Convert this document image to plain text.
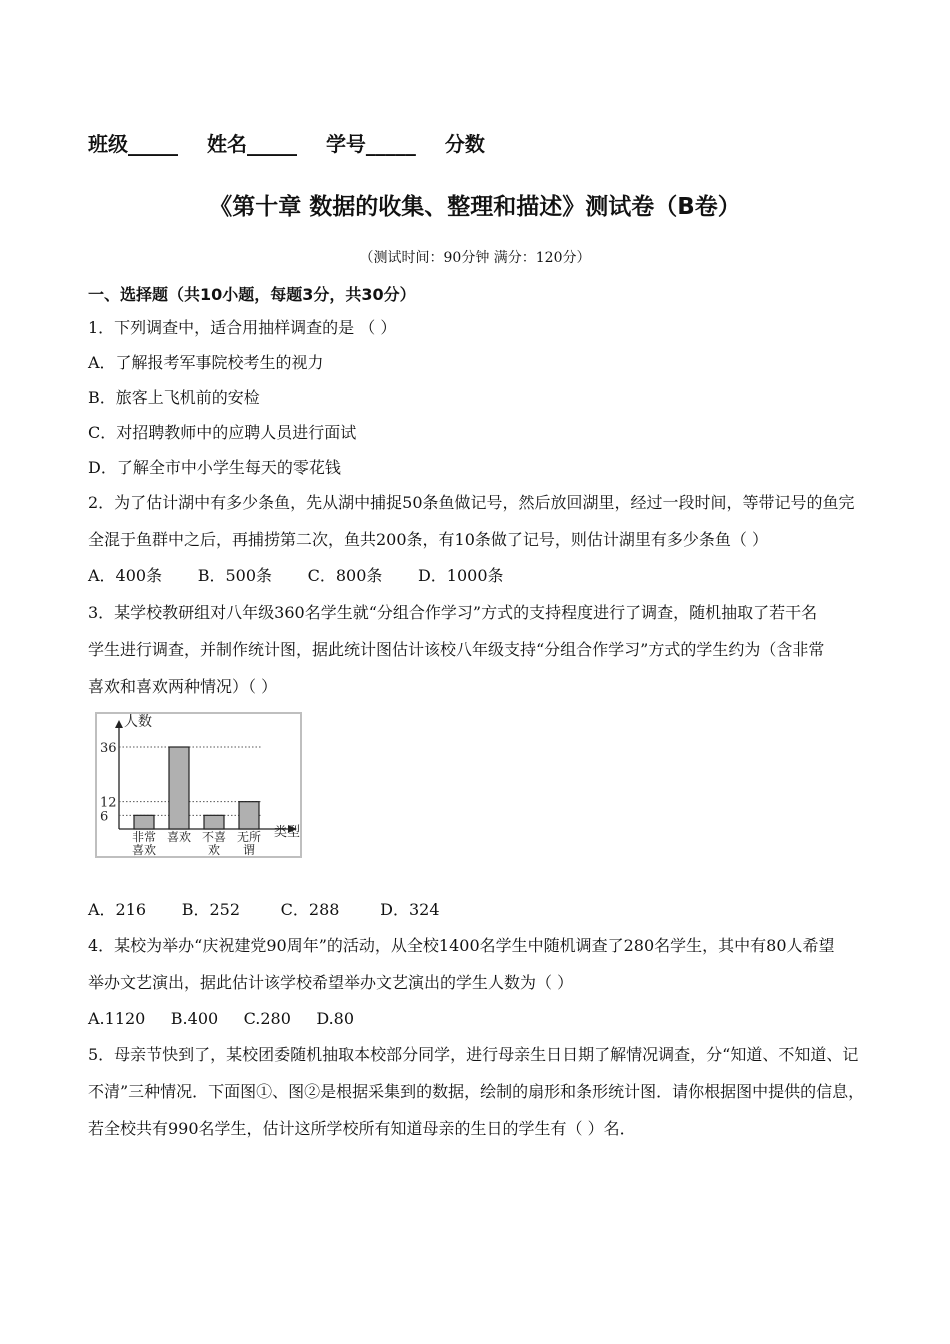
班级_____ 姓名_____ 学号_____ 分数
《第十章 数据的收集、整理和描述》测试卷（B卷）
（测试时间：90分钟 满分：120分）
一、选择题（共10小题，每题3分，共30分）
1．下列调查中，适合用抽样调查的是 （ ）
A．了解报考军事院校考生的视力
B．旅客上飞机前的安检
C．对招聘教师中的应聘人员进行面试
D．了解全市中小学生每天的零花钱
2．为了估计湖中有多少条鱼，先从湖中捕捉50条鱼做记号，然后放回湖里，经过一段时间，等带记号的鱼完
全混于鱼群中之后，再捕捞第二次，鱼共200条，有10条做了记号，则估计湖里有多少条鱼（ ）
A．400条       B．500条       C．800条       D．1000条
3．某学校教研组对八年级360名学生就“分组合作学习”方式的支持程度进行了调查，随机抽取了若干名
学生进行调查，并制作统计图，据此统计图估计该校八年级支持“分组合作学习”方式的学生约为（含非常
喜欢和喜欢两种情况）（ ）
人数
类型
6
12
36
非常
喜欢
喜欢 不喜
欢
无所
谓
A．216       B．252        C．288        D．324
4．某校为举办“庆祝建党90周年”的活动，从全校1400名学生中随机调查了280名学生，其中有80人希望
举办文艺演出，据此估计该学校希望举办文艺演出的学生人数为（ ）
A.1120     B.400     C.280     D.80
5．母亲节快到了，某校团委随机抽取本校部分同学，进行母亲生日日期了解情况调查，分“知道、不知道、记
不清”三种情况．下面图①、图②是根据采集到的数据，绘制的扇形和条形统计图．请你根据图中提供的信息，
若全校共有990名学生，估计这所学校所有知道母亲的生日的学生有（ ）名．
